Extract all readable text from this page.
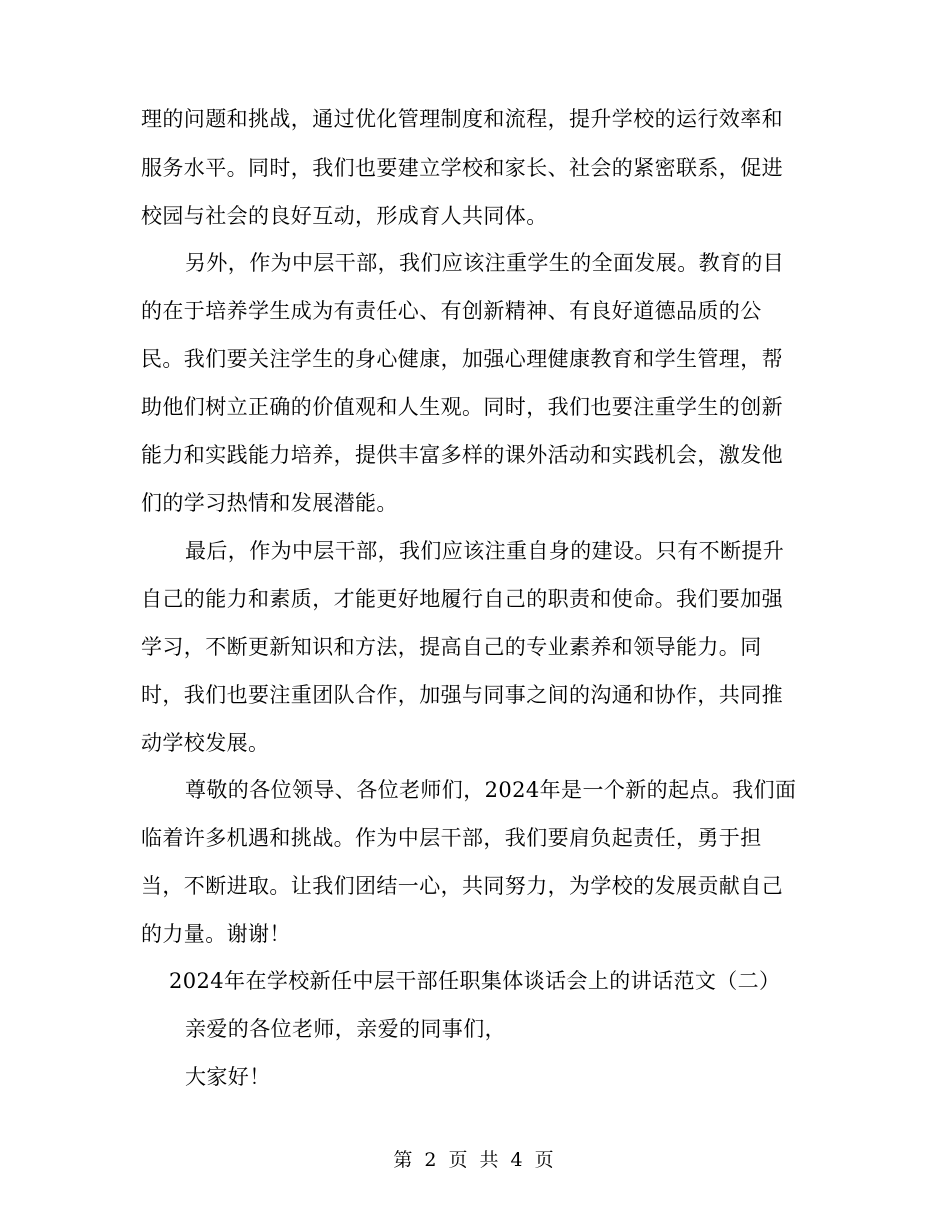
理的问题和挑战，通过优化管理制度和流程，提升学校的运行效率和
服务水平。同时，我们也要建立学校和家长、社会的紧密联系，促进
校园与社会的良好互动，形成育人共同体。
另外，作为中层干部，我们应该注重学生的全面发展。教育的目
的在于培养学生成为有责任心、有创新精神、有良好道德品质的公
民。我们要关注学生的身心健康，加强心理健康教育和学生管理，帮
助他们树立正确的价值观和人生观。同时，我们也要注重学生的创新
能力和实践能力培养，提供丰富多样的课外活动和实践机会，激发他
们的学习热情和发展潜能。
最后，作为中层干部，我们应该注重自身的建设。只有不断提升
自己的能力和素质，才能更好地履行自己的职责和使命。我们要加强
学习，不断更新知识和方法，提高自己的专业素养和领导能力。同
时，我们也要注重团队合作，加强与同事之间的沟通和协作，共同推
动学校发展。
尊敬的各位领导、各位老师们，2024年是一个新的起点。我们面
临着许多机遇和挑战。作为中层干部，我们要肩负起责任，勇于担
当，不断进取。让我们团结一心，共同努力，为学校的发展贡献自己
的力量。谢谢！
2024年在学校新任中层干部任职集体谈话会上的讲话范文（二）
亲爱的各位老师，亲爱的同事们，
大家好！
第 2 页 共 4 页
